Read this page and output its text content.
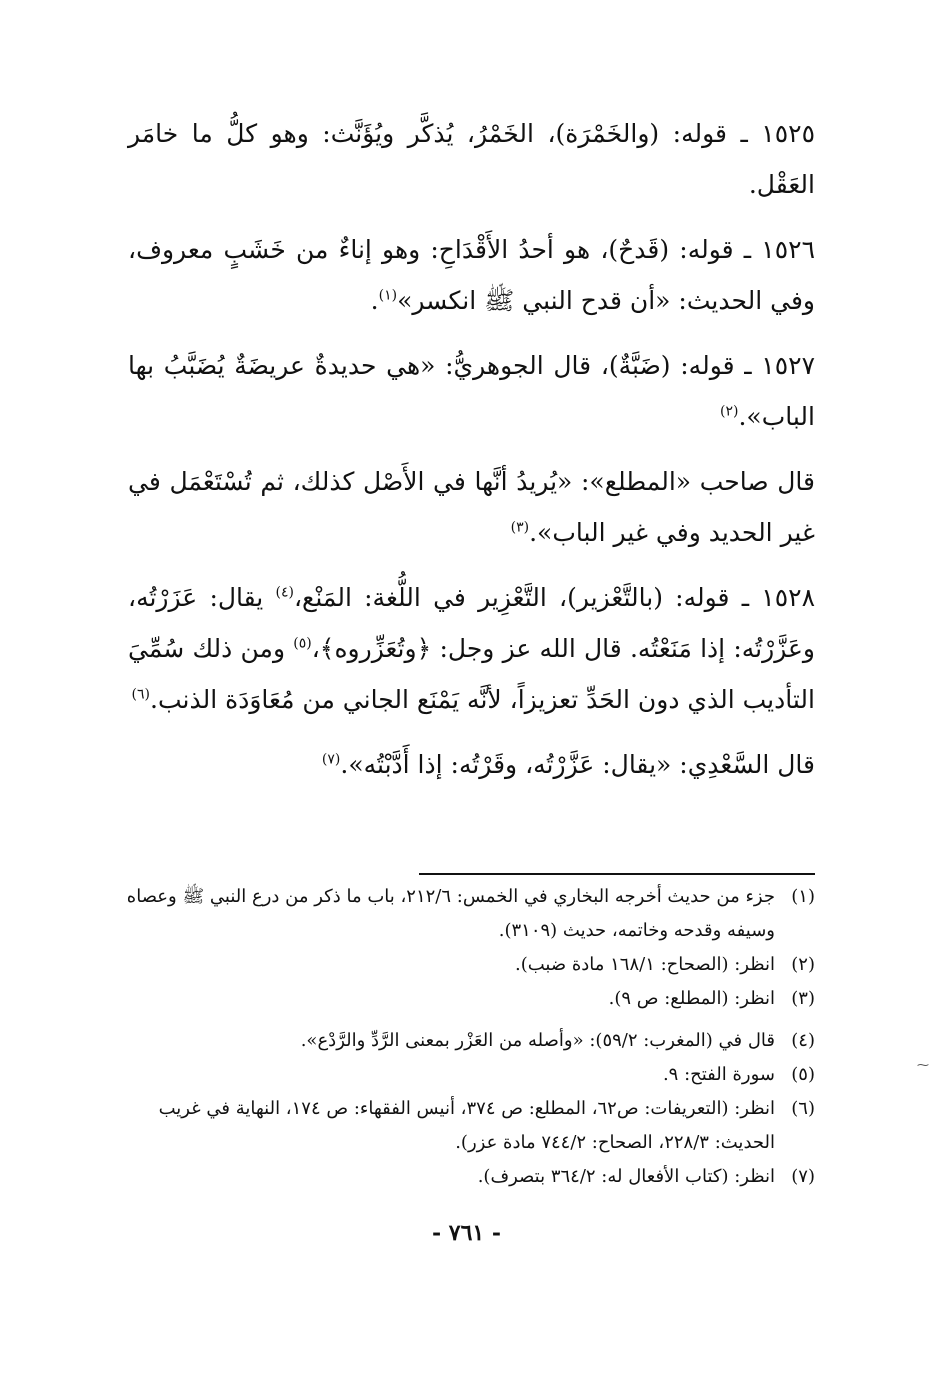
١٥٢٥ ـ قوله: (والخَمْرَة)، الخَمْرُ، يُذكَّر ويُؤَنَّث: وهو كلُّ ما خامَر العَقْل.

١٥٢٦ ـ قوله: (قَدحٌ)، هو أحدُ الأَقْدَاحِ: وهو إناءٌ من خَشَبٍ معروف، وفي الحديث: «أن قدح النبي ﷺ انكسر»$^{(١)}$.

١٥٢٧ ـ قوله: (ضَبَّةٌ)، قال الجوهريُّ: «هي حديدةٌ عريضَةٌ يُضَبَّبُ بها الباب».$^{(٢)}$

قال صاحب «المطلع»: «يُريدُ أنَّها في الأَصْل كذلك، ثم تُسْتَعْمَل في غير الحديد وفي غير الباب».$^{(٣)}$

١٥٢٨ ـ قوله: (بالتَّعْزير)، التَّعْزِير في اللُّغة: المَنْع،$^{(٤)}$ يقال: عَزَرْتُه، وعَزَّرْتُه: إذا مَنَعْتُه. قال الله عز وجل: ﴿وتُعَزِّروه﴾،$^{(٥)}$ ومن ذلك سُمِّيَ التأديب الذي دون الحَدِّ تعزيزاً، لأنَّه يَمْنَع الجاني من مُعَاوَدَة الذنب.$^{(٦)}$

قال السَّعْدِي: «يقال: عَزَّرْتُه، وقَرْتُه: إذا أَدَّبْتُه».$^{(٧)}$

(١)
جزء من حديث أخرجه البخاري في الخمس: ٢١٢/٦، باب ما ذكر من درع النبي ﷺ وعصاه وسيفه وقدحه وخاتمه، حديث (٣١٠٩).
(٢)
انظر: (الصحاح: ١٦٨/١ مادة ضبب).
(٣)
انظر: (المطلع: ص ٩).
(٤)
قال في (المغرب: ٥٩/٢): «وأصله من العَزْر بمعنى الرَّدِّ والرَّدْع».
(٥)
سورة الفتح: ٩.
(٦)
انظر: (التعريفات: ص٦٢، المطلع: ص ٣٧٤، أنيس الفقهاء: ص ١٧٤، النهاية في غريب الحديث: ٢٢٨/٣، الصحاح: ٧٤٤/٢ مادة عزر).
(٧)
انظر: (كتاب الأفعال له: ٣٦٤/٢ بتصرف).
- ٧٦١ -
⁓
